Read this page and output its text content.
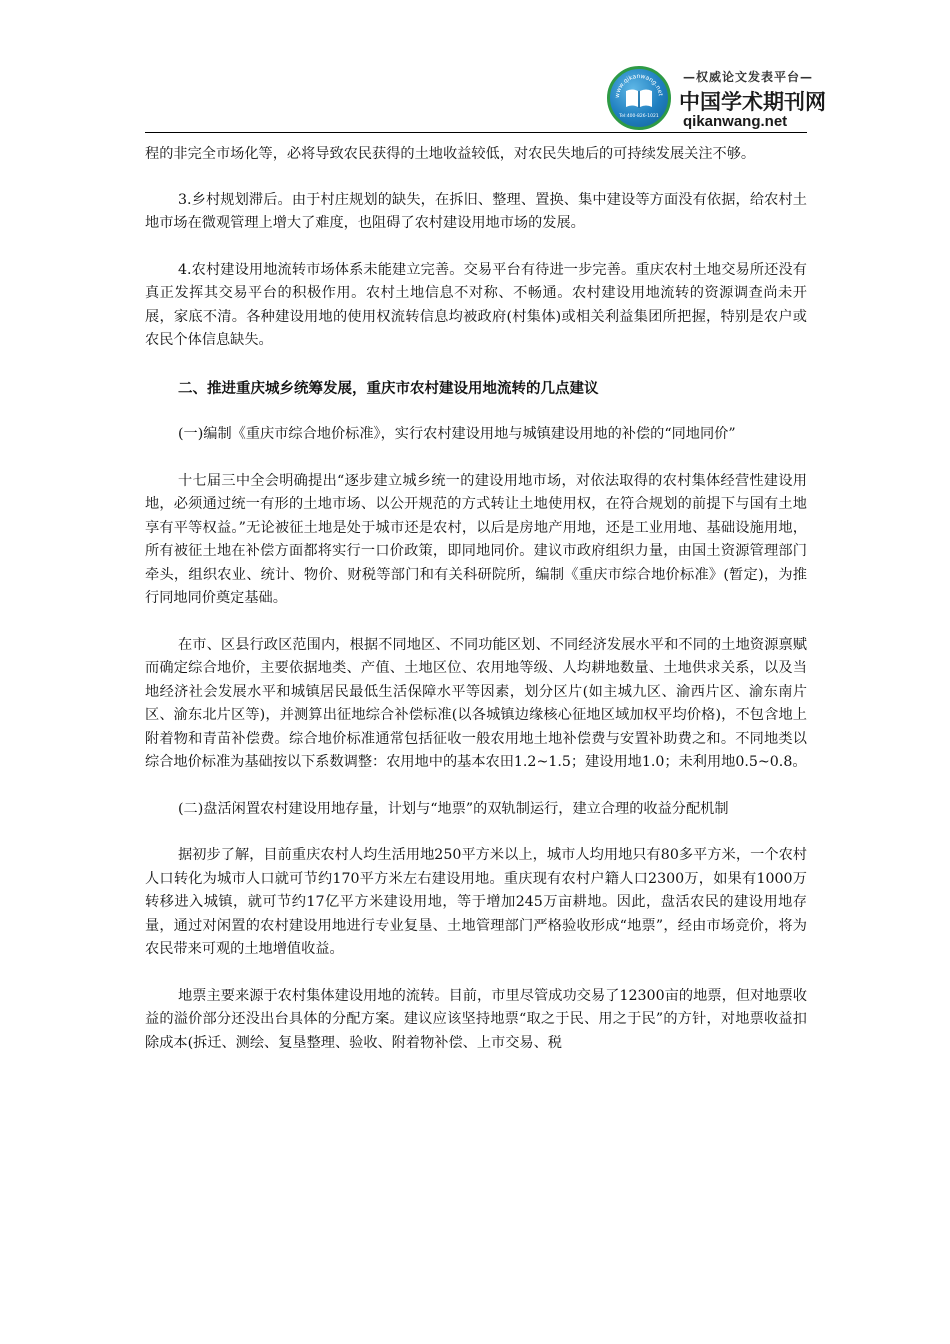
www.qikanwang.net
Tel:400-826-1021
—权威论文发表平台—
中国学术期刊网
qikanwang.net

程的非完全市场化等，必将导致农民获得的土地收益较低，对农民失地后的可持续发展关注不够。

3.乡村规划滞后。由于村庄规划的缺失，在拆旧、整理、置换、集中建设等方面没有依据，给农村土地市场在微观管理上增大了难度，也阻碍了农村建设用地市场的发展。

4.农村建设用地流转市场体系未能建立完善。交易平台有待进一步完善。重庆农村土地交易所还没有真正发挥其交易平台的积极作用。农村土地信息不对称、不畅通。农村建设用地流转的资源调查尚未开展，家底不清。各种建设用地的使用权流转信息均被政府(村集体)或相关利益集团所把握，特别是农户或农民个体信息缺失。

二、推进重庆城乡统筹发展，重庆市农村建设用地流转的几点建议

(一)编制《重庆市综合地价标准》，实行农村建设用地与城镇建设用地的补偿的“同地同价”

十七届三中全会明确提出“逐步建立城乡统一的建设用地市场，对依法取得的农村集体经营性建设用地，必须通过统一有形的土地市场、以公开规范的方式转让土地使用权，在符合规划的前提下与国有土地享有平等权益。”无论被征土地是处于城市还是农村，以后是房地产用地，还是工业用地、基础设施用地，所有被征土地在补偿方面都将实行一口价政策，即同地同价。建议市政府组织力量，由国土资源管理部门牵头，组织农业、统计、物价、财税等部门和有关科研院所，编制《重庆市综合地价标准》(暂定)，为推行同地同价奠定基础。

在市、区县行政区范围内，根据不同地区、不同功能区划、不同经济发展水平和不同的土地资源禀赋而确定综合地价，主要依据地类、产值、土地区位、农用地等级、人均耕地数量、土地供求关系，以及当地经济社会发展水平和城镇居民最低生活保障水平等因素，划分区片(如主城九区、渝西片区、渝东南片区、渝东北片区等)，并测算出征地综合补偿标准(以各城镇边缘核心征地区域加权平均价格)，不包含地上附着物和青苗补偿费。综合地价标准通常包括征收一般农用地土地补偿费与安置补助费之和。不同地类以综合地价标准为基础按以下系数调整：农用地中的基本农田1.2~1.5；建设用地1.0；未利用地0.5~0.8。

(二)盘活闲置农村建设用地存量，计划与“地票”的双轨制运行，建立合理的收益分配机制

据初步了解，目前重庆农村人均生活用地250平方米以上，城市人均用地只有80多平方米，一个农村人口转化为城市人口就可节约170平方米左右建设用地。重庆现有农村户籍人口2300万，如果有1000万转移进入城镇，就可节约17亿平方米建设用地，等于增加245万亩耕地。因此，盘活农民的建设用地存量，通过对闲置的农村建设用地进行专业复垦、土地管理部门严格验收形成“地票”，经由市场竞价，将为农民带来可观的土地增值收益。

地票主要来源于农村集体建设用地的流转。目前，市里尽管成功交易了12300亩的地票，但对地票收益的溢价部分还没出台具体的分配方案。建议应该坚持地票“取之于民、用之于民”的方针，对地票收益扣除成本(拆迁、测绘、复垦整理、验收、附着物补偿、上市交易、税
